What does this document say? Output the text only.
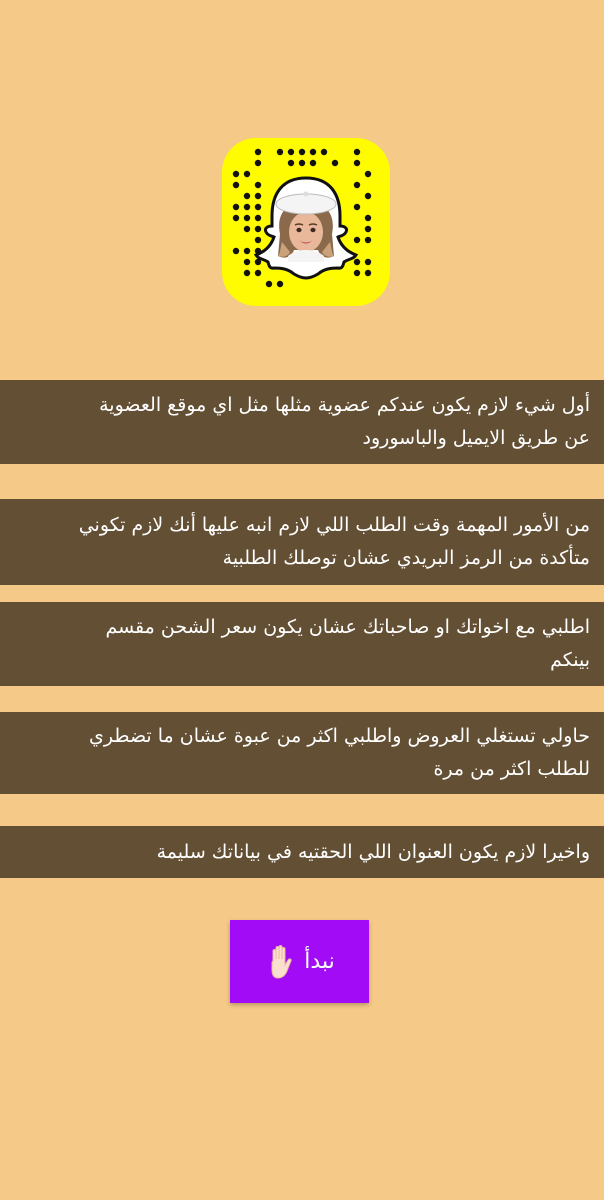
أول شيء لازم يكون عندكم عضوية مثلها مثل اي موقع العضوية
عن طريق الايميل والباسورود
من الأمور المهمة وقت الطلب اللي لازم انبه عليها أنك لازم تكوني
متأكدة من الرمز البريدي عشان توصلك الطلبية
اطلبي مع اخواتك او صاحباتك عشان يكون سعر الشحن مقسم
بينكم
حاولي تستغلي العروض واطلبي اكثر من عبوة عشان ما تضطري
للطلب اكثر من مرة
واخيرا لازم يكون العنوان اللي الحقتيه في بياناتك سليمة
نبدأ
